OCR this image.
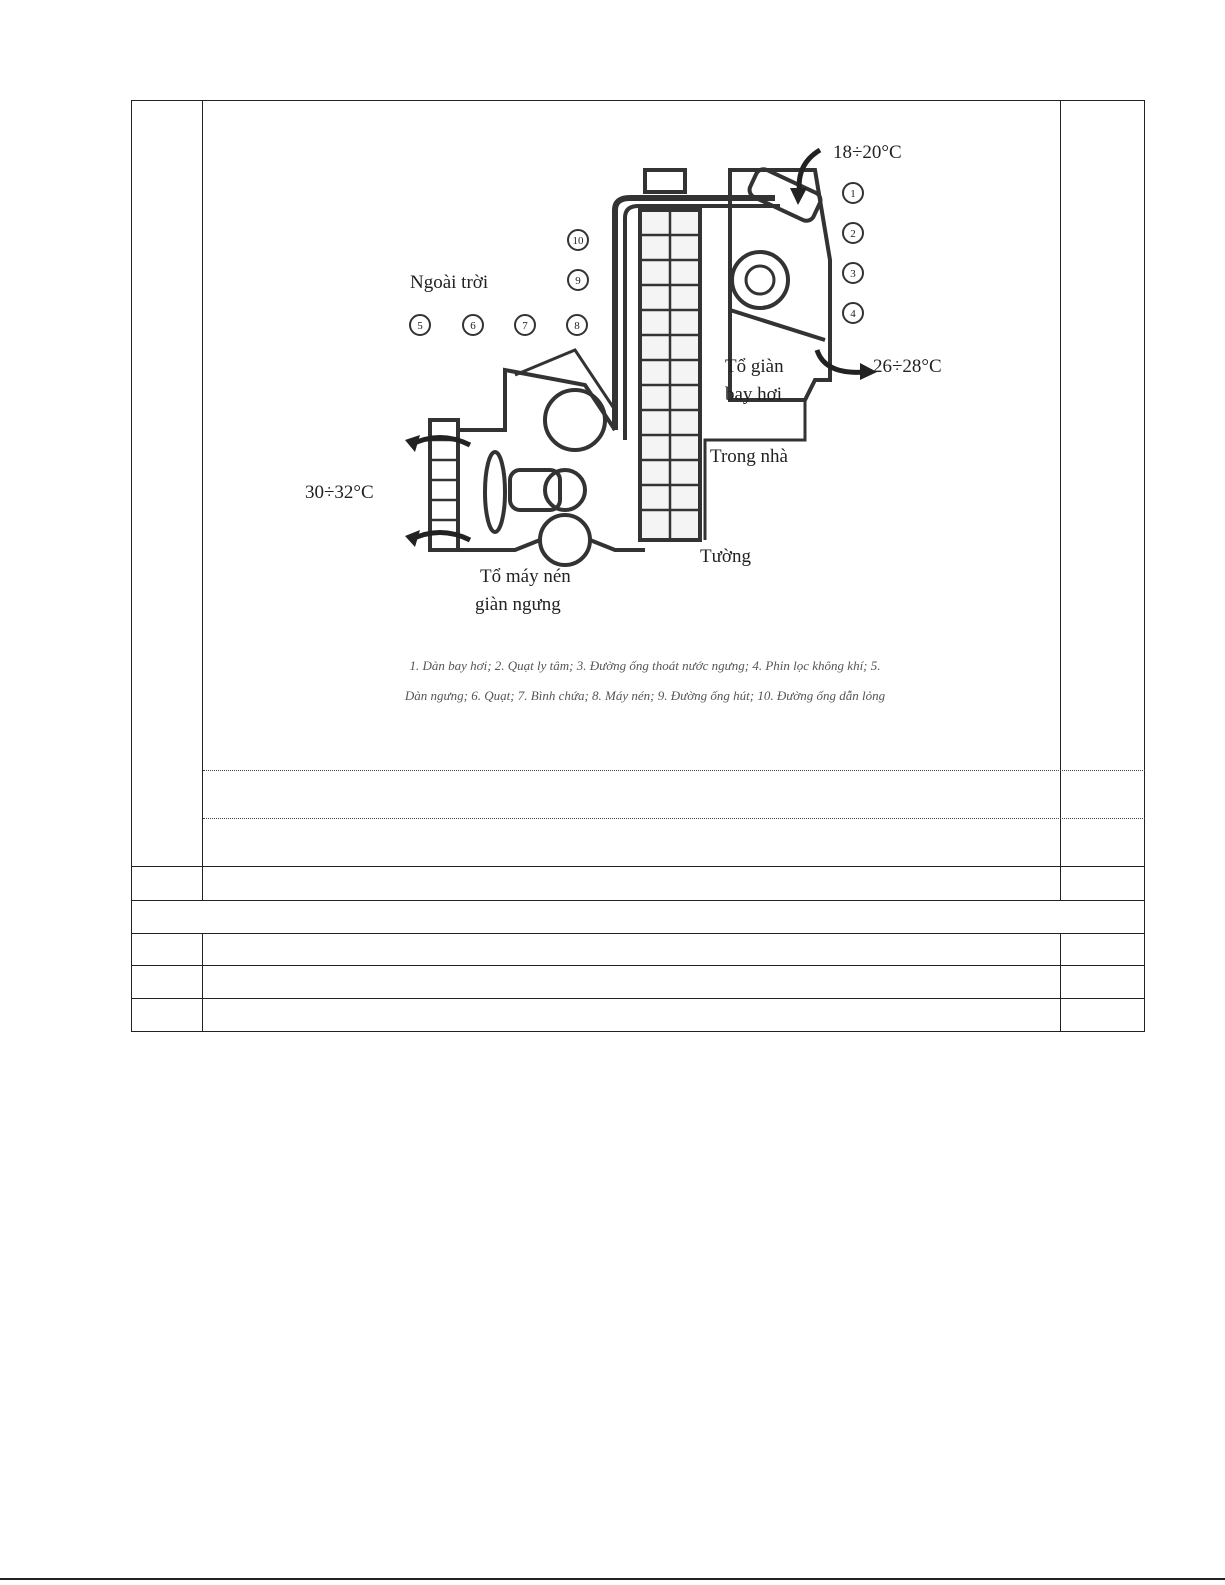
1
2
3
4
5	6	7	8
9
10
Ngoài trời
Trong nhà
Tường
Tổ máy nén
giàn ngưng
Tổ giàn
bay hơi
18÷20°C
26÷28°C
30÷32°C
1. Dàn bay hơi; 2. Quạt ly tâm; 3. Đường ống thoát nước ngưng; 4. Phin lọc không khí; 5.
Dàn ngưng; 6. Quạt; 7. Bình chứa; 8. Máy nén; 9. Đường ống hút; 10. Đường ống dẫn lỏng
